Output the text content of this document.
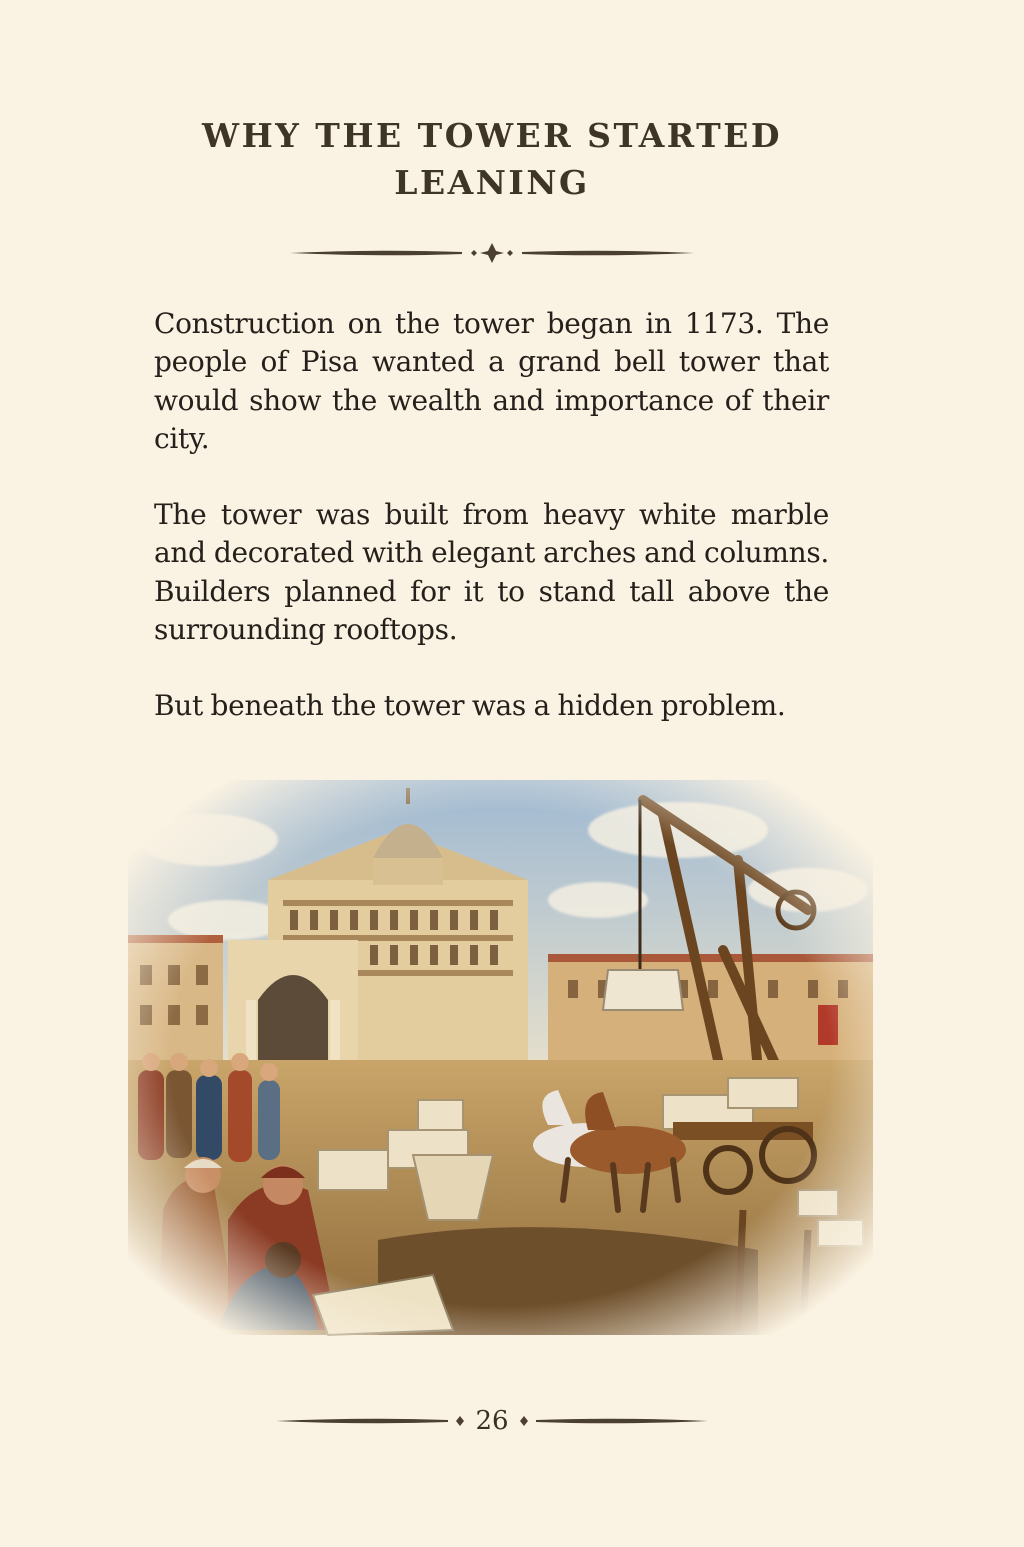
WHY THE TOWER STARTED LEANING

Construction on the tower began in 1173. The people of Pisa wanted a grand bell tower that would show the wealth and importance of their city.

The tower was built from heavy white marble and decorated with elegant arches and columns. Builders planned for it to stand tall above the surrounding rooftops.

But beneath the tower was a hidden problem.

26
